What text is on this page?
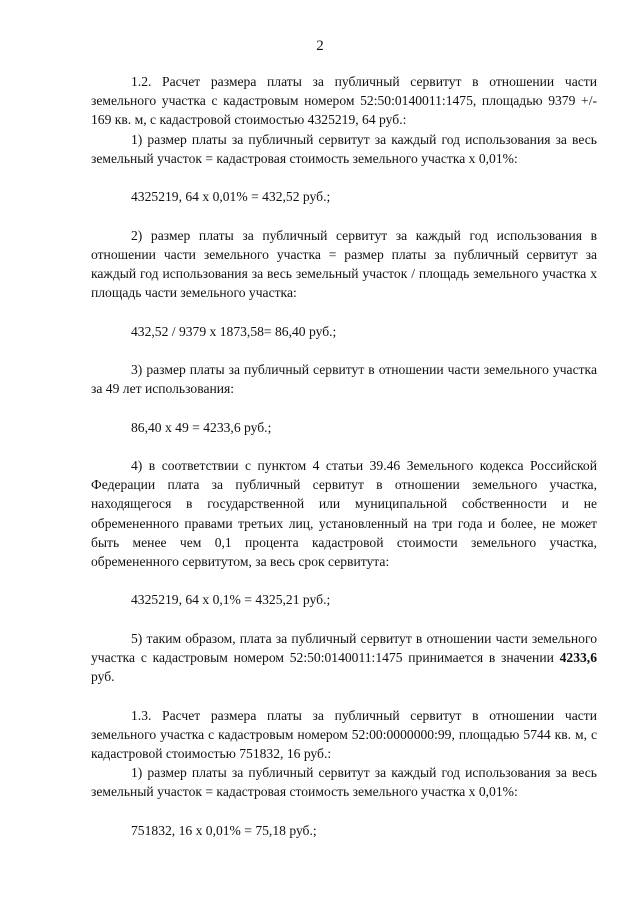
2

1.2. Расчет размера платы за публичный сервитут в отношении части земельного участка с кадастровым номером 52:50:0140011:1475, площадью 9379 +/- 169 кв. м, с кадастровой стоимостью 4325219, 64 руб.:

1) размер платы за публичный сервитут за каждый год использования за весь земельный участок = кадастровая стоимость земельного участка х 0,01%:

4325219, 64 х 0,01% = 432,52 руб.;

2) размер платы за публичный сервитут за каждый год использования в отношении части земельного участка = размер платы за публичный сервитут за каждый год использования за весь земельный участок / площадь земельного участка х площадь части земельного участка:

432,52 / 9379 х 1873,58= 86,40 руб.;

3) размер платы за публичный сервитут в отношении части земельного участка за 49 лет использования:

86,40 х 49 = 4233,6 руб.;

4) в соответствии с пунктом 4 статьи 39.46 Земельного кодекса Российской Федерации плата за публичный сервитут в отношении земельного участка, находящегося в государственной или муниципальной собственности и не обремененного правами третьих лиц, установленный на три года и более, не может быть менее чем 0,1 процента кадастровой стоимости земельного участка, обремененного сервитутом, за весь срок сервитута:

4325219, 64 х 0,1% = 4325,21 руб.;

5) таким образом, плата за публичный сервитут в отношении части земельного участка с кадастровым номером 52:50:0140011:1475 принимается в значении 4233,6 руб.

1.3. Расчет размера платы за публичный сервитут в отношении части земельного участка с кадастровым номером 52:00:0000000:99, площадью 5744 кв. м, с кадастровой стоимостью 751832, 16 руб.:

1) размер платы за публичный сервитут за каждый год использования за весь земельный участок = кадастровая стоимость земельного участка х 0,01%:

751832, 16 х 0,01% = 75,18 руб.;
